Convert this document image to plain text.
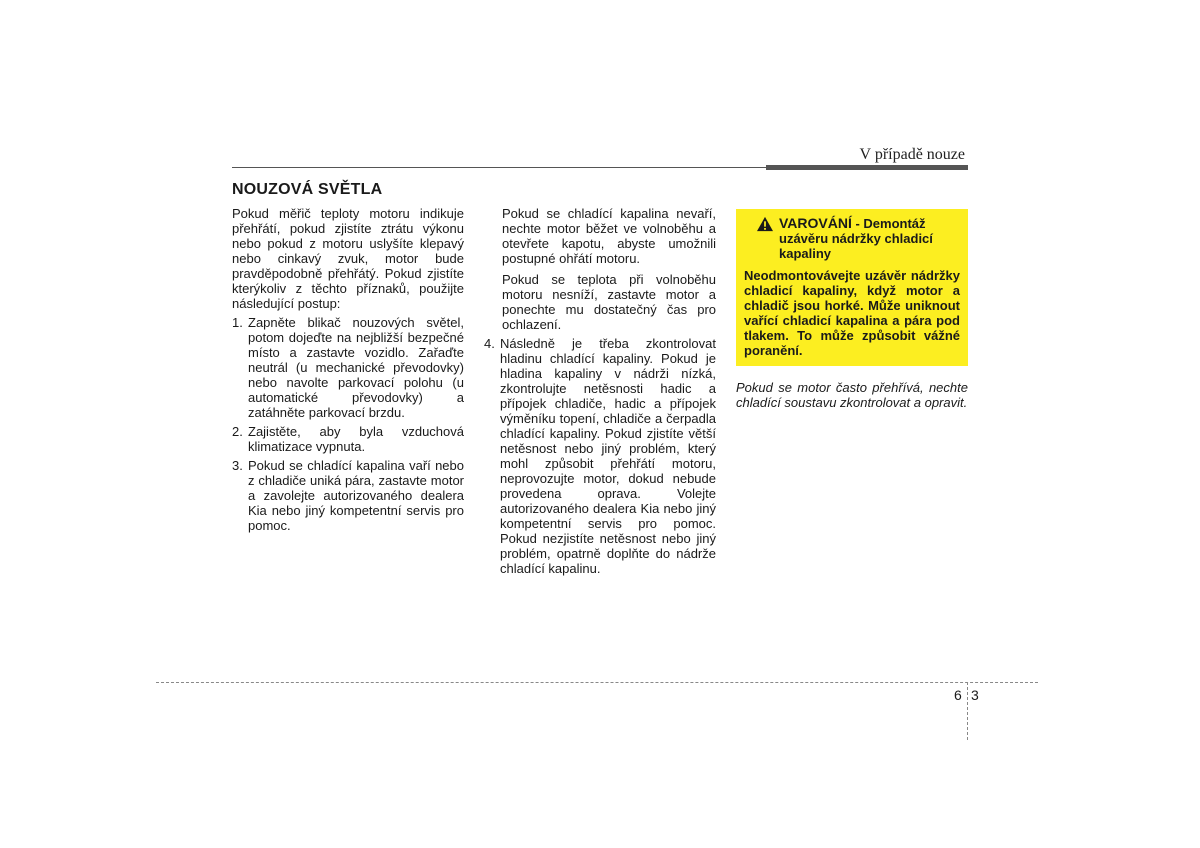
V případě nouze
NOUZOVÁ SVĚTLA

Pokud měřič teploty motoru indikuje přehřátí, pokud zjistíte ztrátu výkonu nebo pokud z motoru uslyšíte klepavý nebo cinkavý zvuk, motor bude pravděpodobně přehřátý. Pokud zjistíte kterýkoliv z těchto příznaků, použijte následující postup:

1. Zapněte blikač nouzových světel, potom dojeďte na nejbližší bezpečné místo a zastavte vozidlo. Zařaďte neutrál (u mechanické převodovky) nebo navolte parkovací polohu (u automatické převodovky) a zatáhněte parkovací brzdu.
2. Zajistěte, aby byla vzduchová klimatizace vypnuta.
3. Pokud se chladící kapalina vaří nebo z chladiče uniká pára, zastavte motor a zavolejte autorizovaného dealera Kia nebo jiný kompetentní servis pro pomoc.

Pokud se chladící kapalina nevaří, nechte motor běžet ve volnoběhu a otevřete kapotu, abyste umožnili postupné ohřátí motoru.

Pokud se teplota při volnoběhu motoru nesníží, zastavte motor a ponechte mu dostatečný čas pro ochlazení.

4. Následně je třeba zkontrolovat hladinu chladící kapaliny. Pokud je hladina kapaliny v nádrži nízká, zkontrolujte netěsnosti hadic a přípojek chladiče, hadic a přípojek výměníku topení, chladiče a čerpadla chladící kapaliny. Pokud zjistíte větší netěsnost nebo jiný problém, který mohl způsobit přehřátí motoru, neprovozujte motor, dokud nebude provedena oprava. Volejte autorizovaného dealera Kia nebo jiný kompetentní servis pro pomoc. Pokud nezjistíte netěsnost nebo jiný problém, opatrně doplňte do nádrže chladící kapalinu.
VAROVÁNÍ - Demontáž
uzávěru nádržky chladicí
kapaliny
Neodmontovávejte uzávěr nádržky chladicí kapaliny, když motor a chladič jsou horké. Může uniknout vařící chladicí kapalina a pára pod tlakem. To může způsobit vážné poranění.

Pokud se motor často přehřívá, nechte chladící soustavu zkontrolovat a opravit.

6 3
